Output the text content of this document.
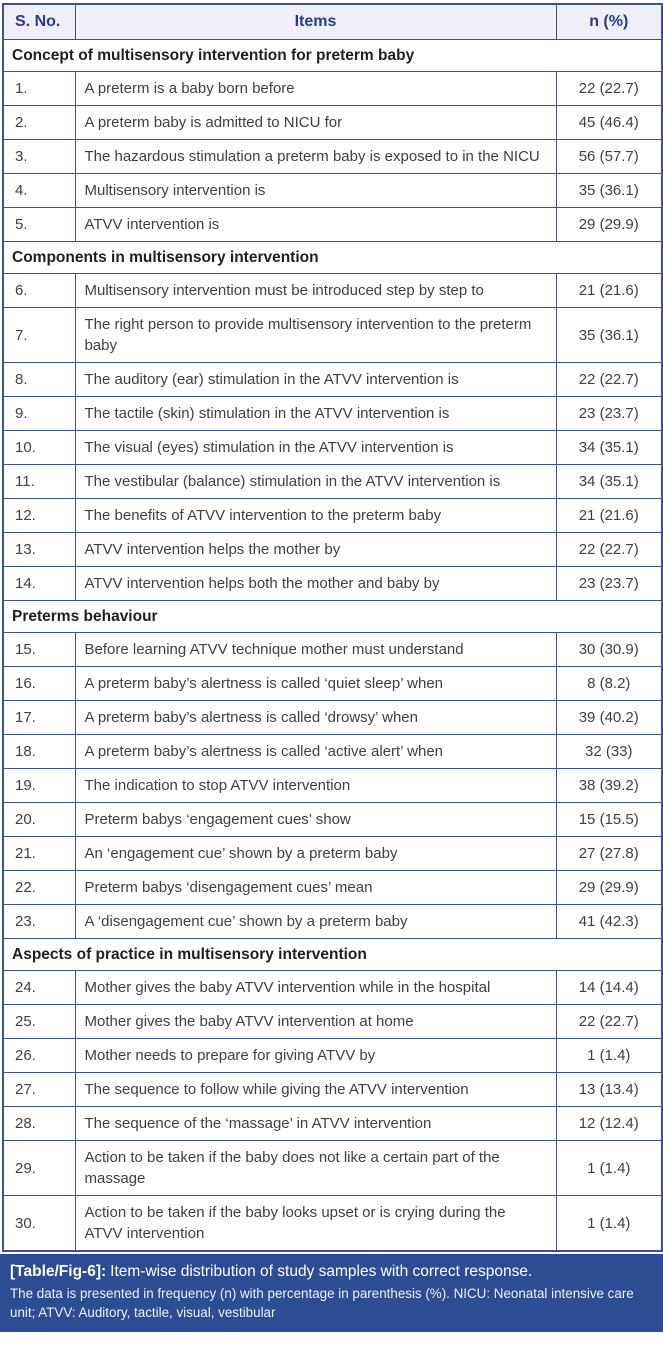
S. No.	Items	n (%)
Concept of multisensory intervention for preterm baby		
1.	A preterm is a baby born before	22 (22.7)
2.	A preterm baby is admitted to NICU for	45 (46.4)
3.	The hazardous stimulation a preterm baby is exposed to in the NICU	56 (57.7)
4.	Multisensory intervention is	35 (36.1)
5.	ATVV intervention is	29 (29.9)
Components in multisensory intervention		
6.	Multisensory intervention must be introduced step by step to	21 (21.6)
7.	The right person to provide multisensory intervention to the preterm baby	35 (36.1)
8.	The auditory (ear) stimulation in the ATVV intervention is	22 (22.7)
9.	The tactile (skin) stimulation in the ATVV intervention is	23 (23.7)
10.	The visual (eyes) stimulation in the ATVV intervention is	34 (35.1)
11.	The vestibular (balance) stimulation in the ATVV intervention is	34 (35.1)
12.	The benefits of ATVV intervention to the preterm baby	21 (21.6)
13.	ATVV intervention helps the mother by	22 (22.7)
14.	ATVV intervention helps both the mother and baby by	23 (23.7)
Preterms behaviour		
15.	Before learning ATVV technique mother must understand	30 (30.9)
16.	A preterm baby’s alertness is called ‘quiet sleep’ when	8 (8.2)
17.	A preterm baby’s alertness is called ‘drowsy’ when	39 (40.2)
18.	A preterm baby’s alertness is called ‘active alert’ when	32 (33)
19.	The indication to stop ATVV intervention	38 (39.2)
20.	Preterm babys ‘engagement cues’ show	15 (15.5)
21.	An ‘engagement cue’ shown by a preterm baby	27 (27.8)
22.	Preterm babys ‘disengagement cues’ mean	29 (29.9)
23.	A ‘disengagement cue’ shown by a preterm baby	41 (42.3)
Aspects of practice in multisensory intervention		
24.	Mother gives the baby ATVV intervention while in the hospital	14 (14.4)
25.	Mother gives the baby ATVV intervention at home	22 (22.7)
26.	Mother needs to prepare for giving ATVV by	1 (1.4)
27.	The sequence to follow while giving the ATVV intervention	13 (13.4)
28.	The sequence of the ‘massage’ in ATVV intervention	12 (12.4)
29.	Action to be taken if the baby does not like a certain part of the massage	1 (1.4)
30.	Action to be taken if the baby looks upset or is crying during the ATVV intervention	1 (1.4)
[Table/Fig-6]: Item-wise distribution of study samples with correct response.
The data is presented in frequency (n) with percentage in parenthesis (%). NICU: Neonatal intensive care unit; ATVV: Auditory, tactile, visual, vestibular
